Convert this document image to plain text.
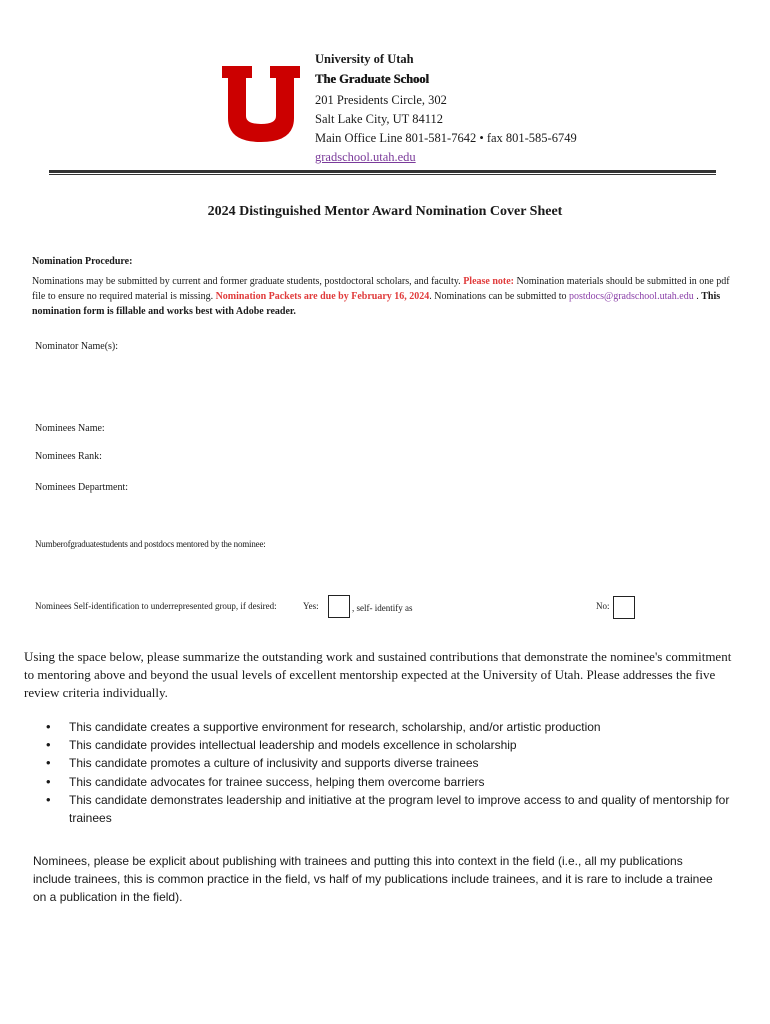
University of Utah
The Graduate School
201 Presidents Circle, 302
Salt Lake City, UT 84112
Main Office Line 801-581-7642 • fax 801-585-6749
gradschool.utah.edu
2024 Distinguished Mentor Award Nomination Cover Sheet
Nomination Procedure:
Nominations may be submitted by current and former graduate students, postdoctoral scholars, and faculty. Please note: Nomination materials should be submitted in one pdf file to ensure no required material is missing. Nomination Packets are due by February 16, 2024. Nominations can be submitted to postdocs@gradschool.utah.edu . This nomination form is fillable and works best with Adobe reader.
Nominator Name(s):
Nominees Name:
Nominees Rank:
Nominees Department:
Numberofgraduatestudents and postdocs mentored by the nominee:
Nominees Self-identification to underrepresented group, if desired:	Yes:	, self- identify as	No:
Using the space below, please summarize the outstanding work and sustained contributions that demonstrate the nominee's commitment to mentoring above and beyond the usual levels of excellent mentorship expected at the University of Utah. Please addresses the five review criteria individually.
• This candidate creates a supportive environment for research, scholarship, and/or artistic production
• This candidate provides intellectual leadership and models excellence in scholarship
• This candidate promotes a culture of inclusivity and supports diverse trainees
• This candidate advocates for trainee success, helping them overcome barriers
• This candidate demonstrates leadership and initiative at the program level to improve access to and quality of mentorship for trainees
Nominees, please be explicit about publishing with trainees and putting this into context in the field (i.e., all my publications include trainees, this is common practice in the field, vs half of my publications include trainees, and it is rare to include a trainee on a publication in the field).
